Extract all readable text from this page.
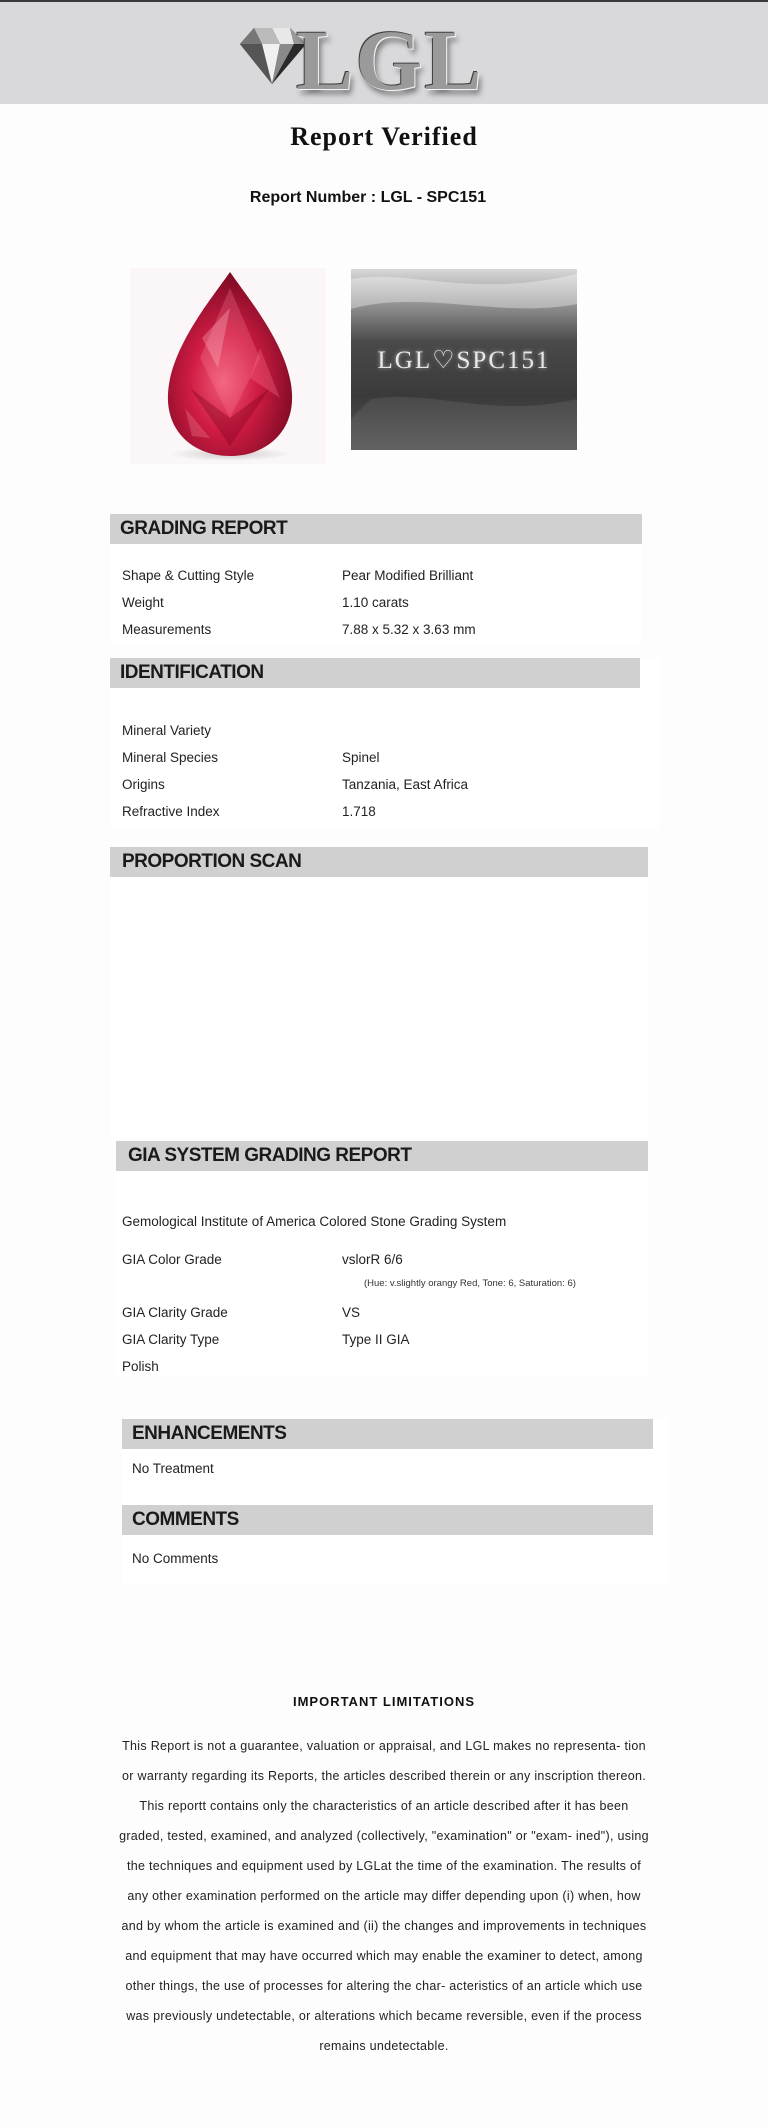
LGL
Report Verified
Report Number : LGL - SPC151
LGL♡SPC151
GRADING REPORT
Shape & Cutting Style	Pear Modified Brilliant
Weight	1.10 carats
Measurements	7.88 x 5.32 x 3.63 mm
IDENTIFICATION
Mineral Variety
Mineral Species	Spinel
Origins	Tanzania, East Africa
Refractive Index	1.718
PROPORTION SCAN
GIA SYSTEM GRADING REPORT
Gemological Institute of America Colored Stone Grading System
GIA Color Grade	vslorR 6/6
(Hue: v.slightly orangy Red, Tone: 6, Saturation: 6)
GIA Clarity Grade	VS
GIA Clarity Type	Type II GIA
Polish
ENHANCEMENTS
No Treatment
COMMENTS
No Comments
IMPORTANT LIMITATIONS
This Report is not a guarantee, valuation or appraisal, and LGL makes no representa- tion or warranty regarding its Reports, the articles described therein or any inscription thereon. This reportt contains only the characteristics of an article described after it has been graded, tested, examined, and analyzed (collectively, "examination" or "exam- ined"), using the techniques and equipment used by LGLat the time of the examination. The results of any other examination performed on the article may differ depending upon (i) when, how and by whom the article is examined and (ii) the changes and improvements in techniques and equipment that may have occurred which may enable the examiner to detect, among other things, the use of processes for altering the char- acteristics of an article which use was previously undetectable, or alterations which became reversible, even if the process remains undetectable.
